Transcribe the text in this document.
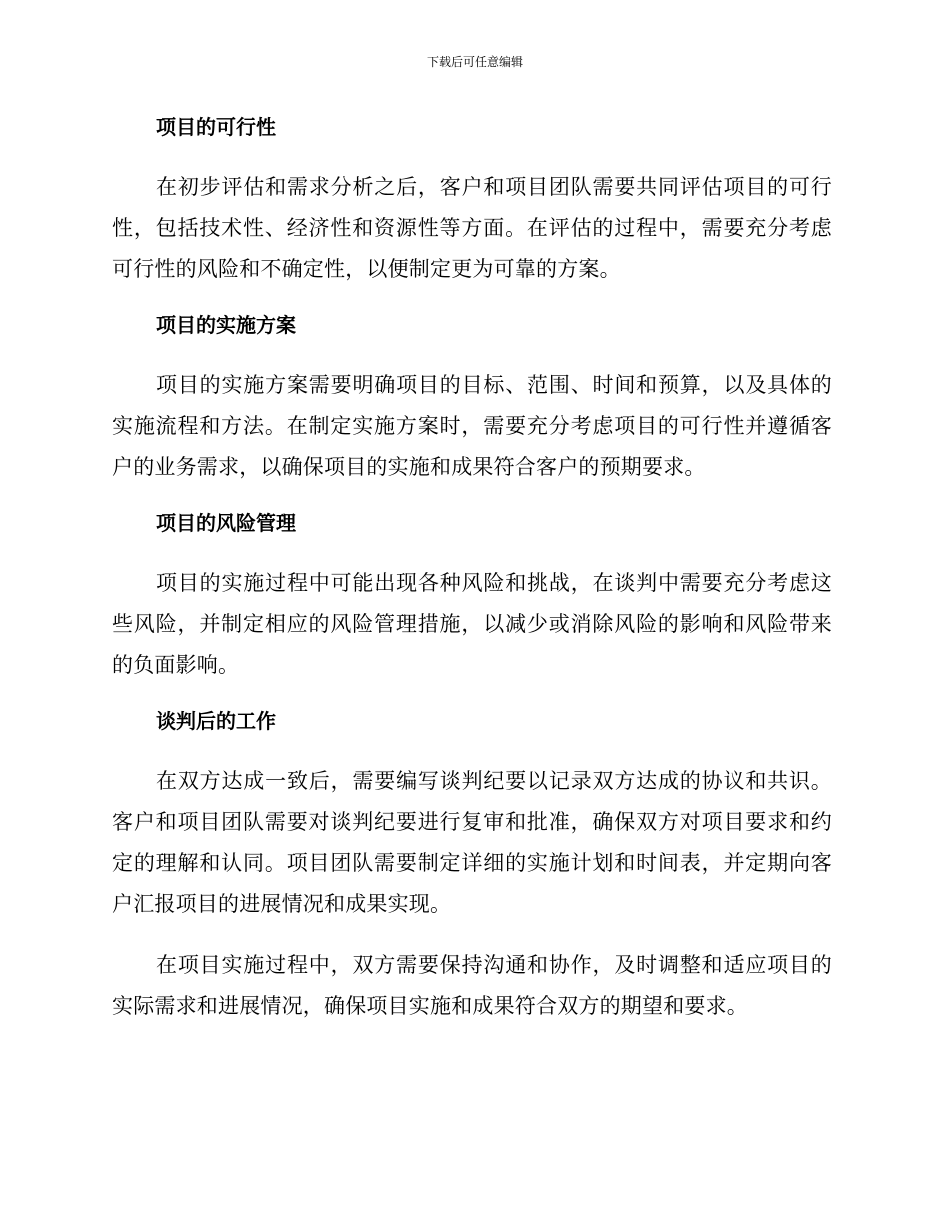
下载后可任意编辑
项目的可行性

在初步评估和需求分析之后，客户和项目团队需要共同评估项目的可行性，包括技术性、经济性和资源性等方面。在评估的过程中，需要充分考虑可行性的风险和不确定性，以便制定更为可靠的方案。

项目的实施方案

项目的实施方案需要明确项目的目标、范围、时间和预算，以及具体的实施流程和方法。在制定实施方案时，需要充分考虑项目的可行性并遵循客户的业务需求，以确保项目的实施和成果符合客户的预期要求。

项目的风险管理

项目的实施过程中可能出现各种风险和挑战，在谈判中需要充分考虑这些风险，并制定相应的风险管理措施，以减少或消除风险的影响和风险带来的负面影响。

谈判后的工作

在双方达成一致后，需要编写谈判纪要以记录双方达成的协议和共识。客户和项目团队需要对谈判纪要进行复审和批准，确保双方对项目要求和约定的理解和认同。项目团队需要制定详细的实施计划和时间表，并定期向客户汇报项目的进展情况和成果实现。

在项目实施过程中，双方需要保持沟通和协作，及时调整和适应项目的实际需求和进展情况，确保项目实施和成果符合双方的期望和要求。
